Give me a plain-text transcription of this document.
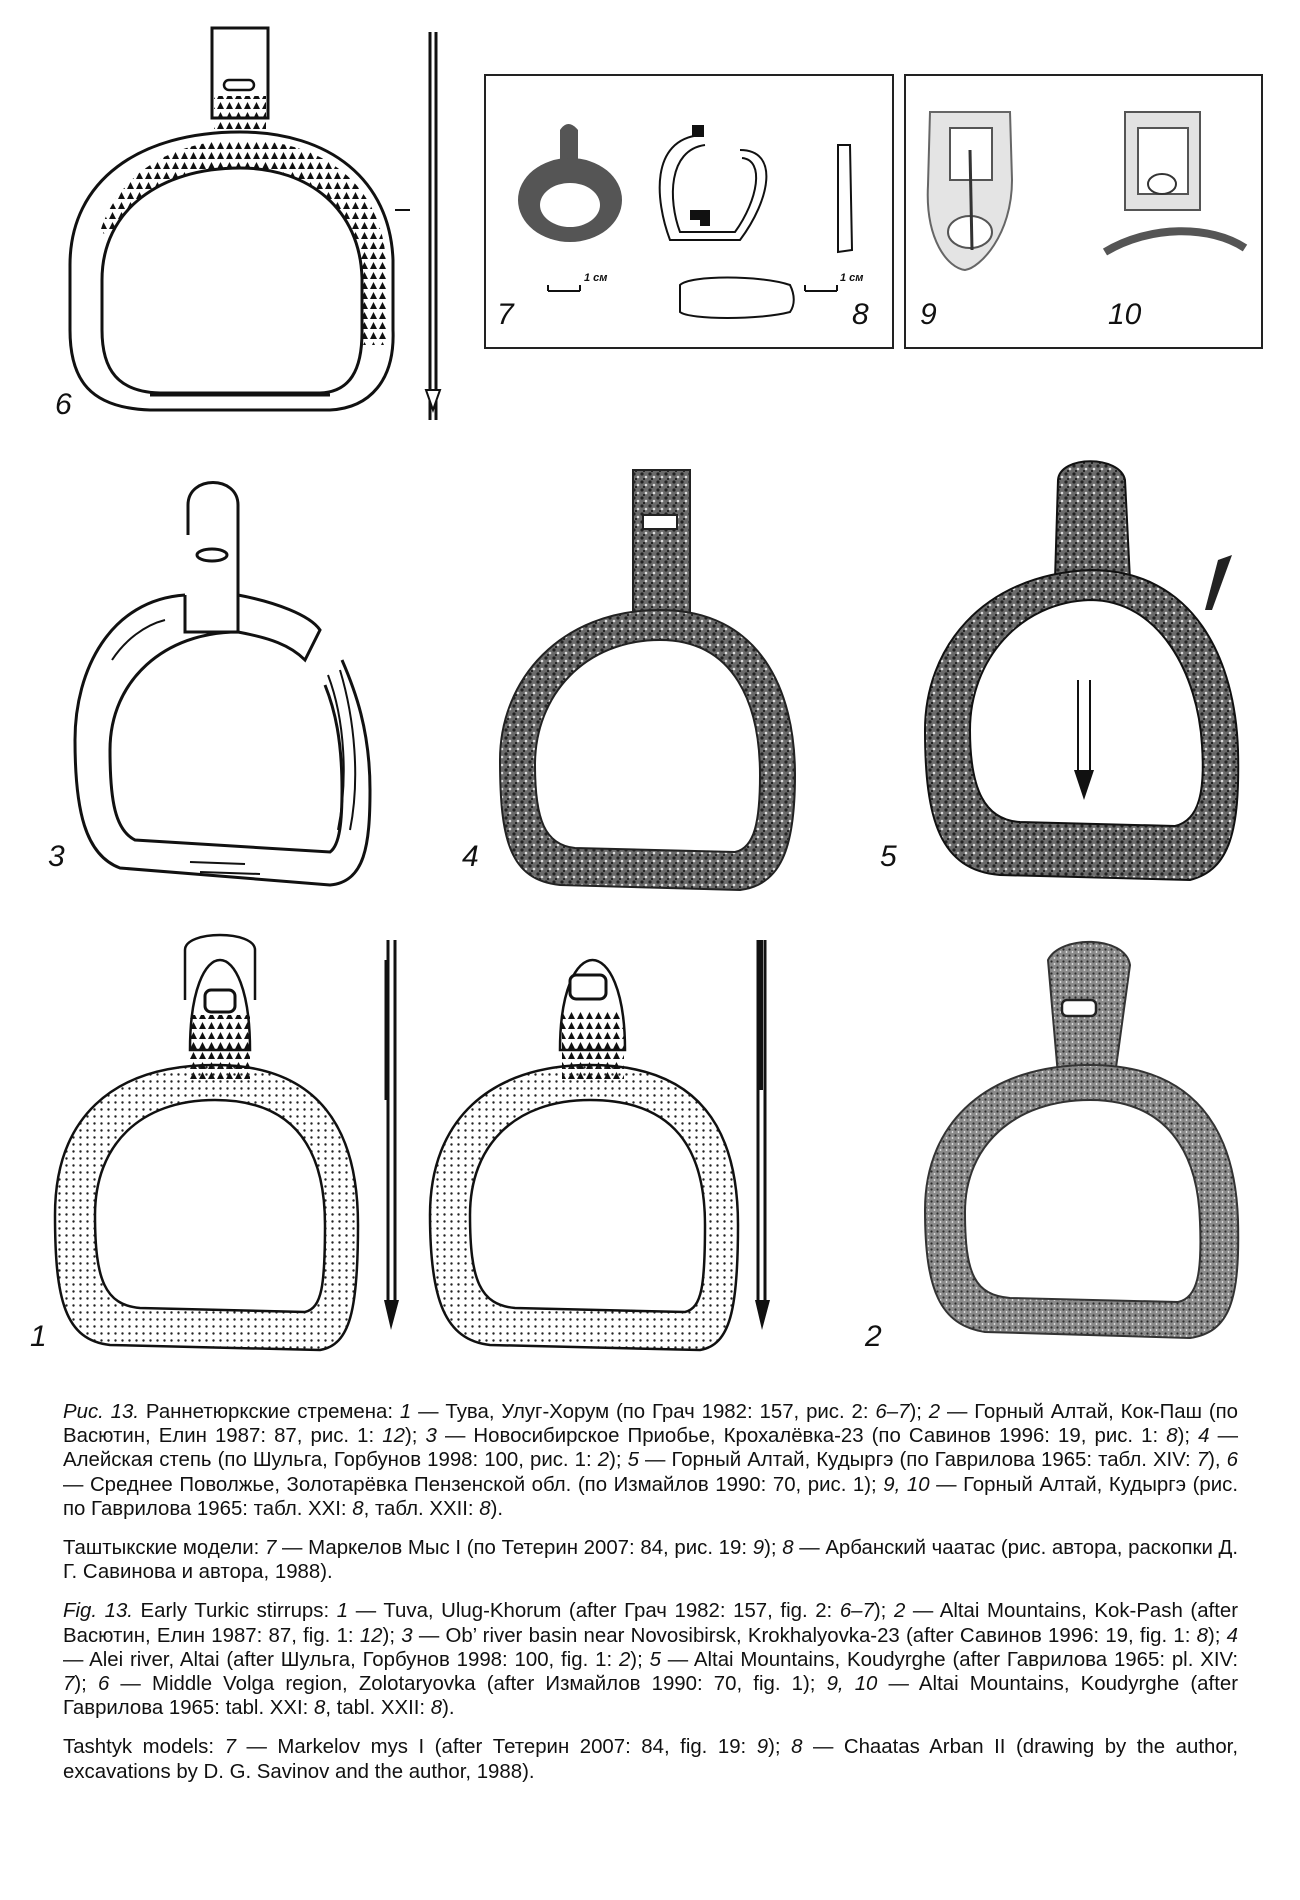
6
7	8 9	10
3	4	5
1	2
1 см	1 см

Рис. 13. Раннетюркские стремена: 1 — Тува, Улуг-Хорум (по Грач 1982: 157, рис. 2: 6–7); 2 — Горный Алтай, Кок-Паш (по Васютин, Елин 1987: 87, рис. 1: 12); 3 — Новосибирское Приобье, Крохалёвка-23 (по Савинов 1996: 19, рис. 1: 8); 4 — Алейская степь (по Шульга, Горбунов 1998: 100, рис. 1: 2); 5 — Горный Алтай, Кудыргэ (по Гаврилова 1965: табл. XIV: 7), 6 — Среднее Поволжье, Золотарёвка Пензенской обл. (по Измайлов 1990: 70, рис. 1); 9, 10 — Горный Алтай, Кудыргэ (рис. по Гаврилова 1965: табл. XXI: 8, табл. XXII: 8).

Таштыкские модели: 7 — Маркелов Мыс I (по Тетерин 2007: 84, рис. 19: 9); 8 — Арбанский чаатас (рис. автора, раскопки Д. Г. Савинова и автора, 1988).

Fig. 13. Early Turkic stirrups: 1 — Tuva, Ulug-Khorum (after Грач 1982: 157, fig. 2: 6–7); 2 — Altai Mountains, Kok-Pash (after Васютин, Елин 1987: 87, fig. 1: 12); 3 — Ob’ river basin near Novosibirsk, Krokhalyovka-23 (after Савинов 1996: 19, fig. 1: 8); 4 — Alei river, Altai (after Шульга, Горбунов 1998: 100, fig. 1: 2); 5 — Altai Mountains, Koudyrghe (after Гаврилова 1965: pl. XIV: 7); 6 — Middle Volga region, Zolotaryovka (after Измайлов 1990: 70, fig. 1); 9, 10 — Altai Mountains, Koudyrghe (after Гаврилова 1965: tabl. XXI: 8, tabl. XXII: 8).

Tashtyk models: 7 — Markelov mys I (after Тетерин 2007: 84, fig. 19: 9); 8 — Chaatas Arban II (drawing by the author, excavations by D. G. Savinov and the author, 1988).
